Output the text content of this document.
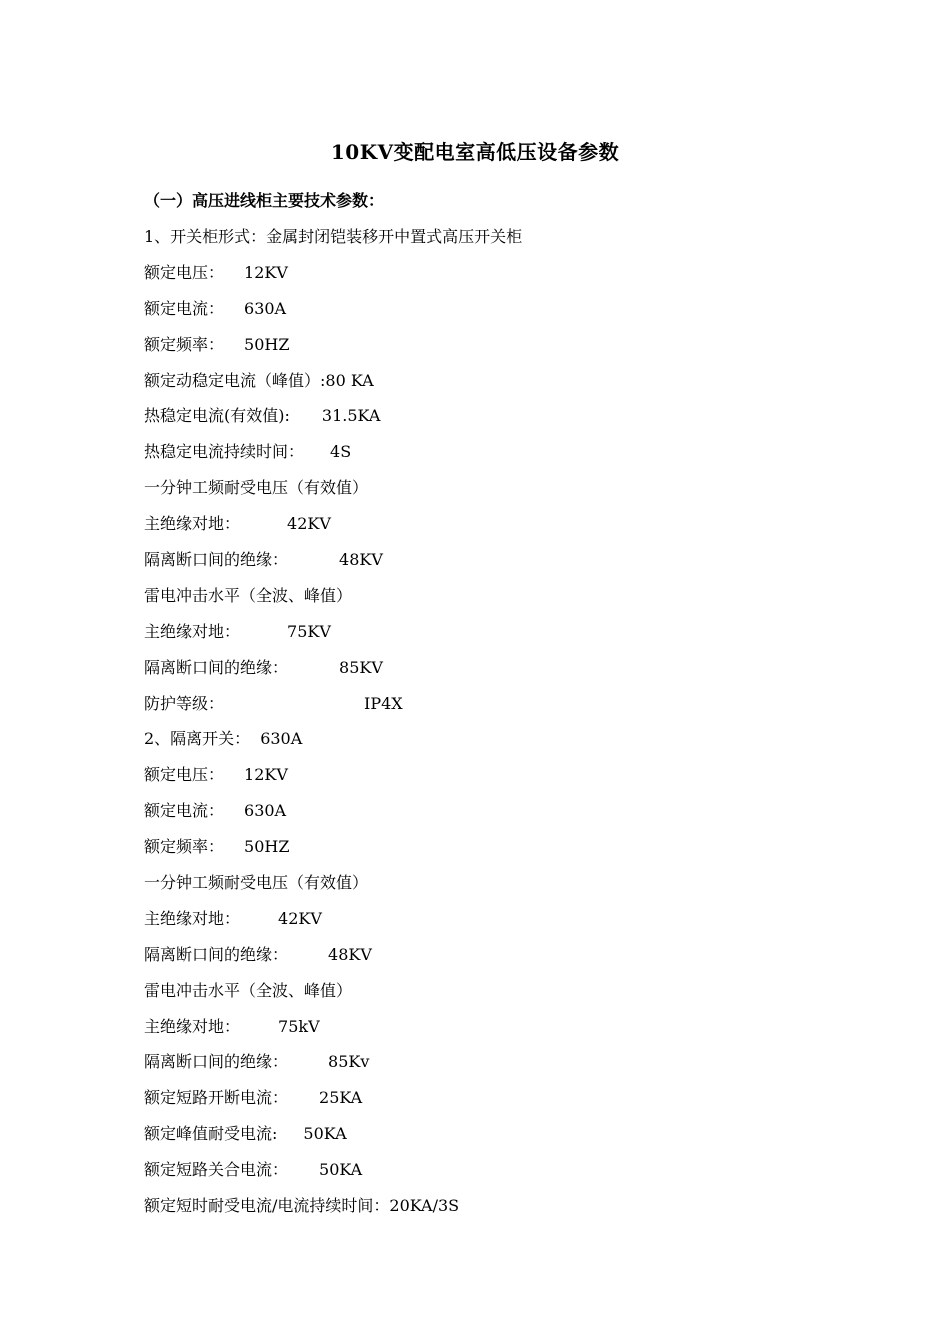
10KV变配电室高低压设备参数
（一）高压进线柜主要技术参数：
1、开关柜形式：金属封闭铠装移开中置式高压开关柜
额定电压： 12KV
额定电流： 630A
额定频率： 50HZ
额定动稳定电流（峰值）:80 KA
热稳定电流(有效值): 31.5KA
热稳定电流持续时间： 4S
一分钟工频耐受电压（有效值）
主绝缘对地：	42KV
隔离断口间的绝缘：	48KV
雷电冲击水平（全波、峰值）
主绝缘对地：	75KV
隔离断口间的绝缘：	85KV
防护等级：	IP4X
2、隔离开关： 630A
额定电压： 12KV
额定电流： 630A
额定频率： 50HZ
一分钟工频耐受电压（有效值）
主绝缘对地： 42KV
隔离断口间的绝缘：	48KV
雷电冲击水平（全波、峰值）
主绝缘对地： 75kV
隔离断口间的绝缘：	85Kv
额定短路开断电流： 25KA
额定峰值耐受电流: 50KA
额定短路关合电流： 50KA
额定短时耐受电流/电流持续时间：20KA/3S
